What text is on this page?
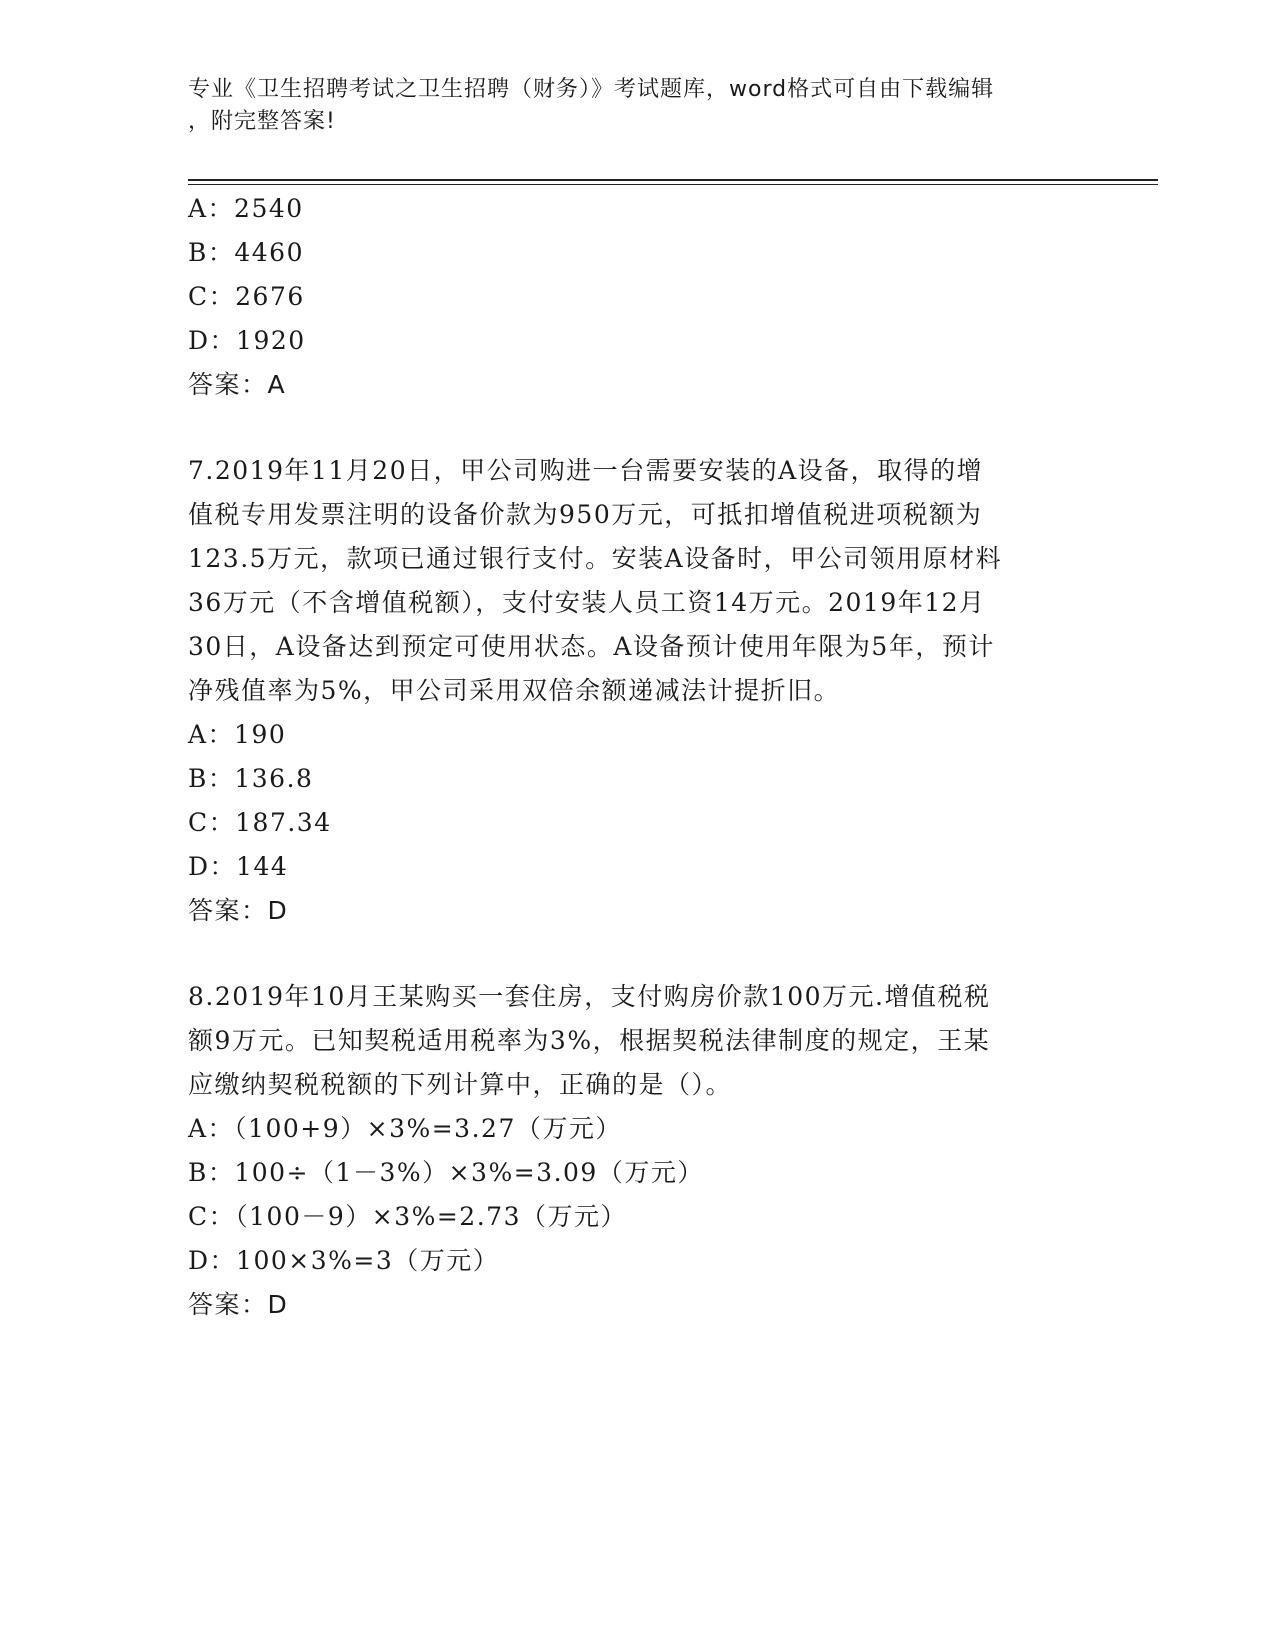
专业《卫生招聘考试之卫生招聘（财务）》考试题库，word格式可自由下载编辑
，附完整答案!
A：2540
B：4460
C：2676
D：1920
答案：A
7.2019年11月20日，甲公司购进一台需要安装的A设备，取得的增
值税专用发票注明的设备价款为950万元，可抵扣增值税进项税额为
123.5万元，款项已通过银行支付。安装A设备时，甲公司领用原材料
36万元（不含增值税额），支付安装人员工资14万元。2019年12月
30日，A设备达到预定可使用状态。A设备预计使用年限为5年，预计
净残值率为5%，甲公司采用双倍余额递减法计提折旧。
A：190
B：136.8
C：187.34
D：144
答案：D
8.2019年10月王某购买一套住房，支付购房价款100万元.增值税税
额9万元。已知契税适用税率为3%，根据契税法律制度的规定，王某
应缴纳契税税额的下列计算中，正确的是（）。
A：（100+9）×3%=3.27（万元）
B：100÷（1－3%）×3%=3.09（万元）
C：（100－9）×3%=2.73（万元）
D：100×3%=3（万元）
答案：D
